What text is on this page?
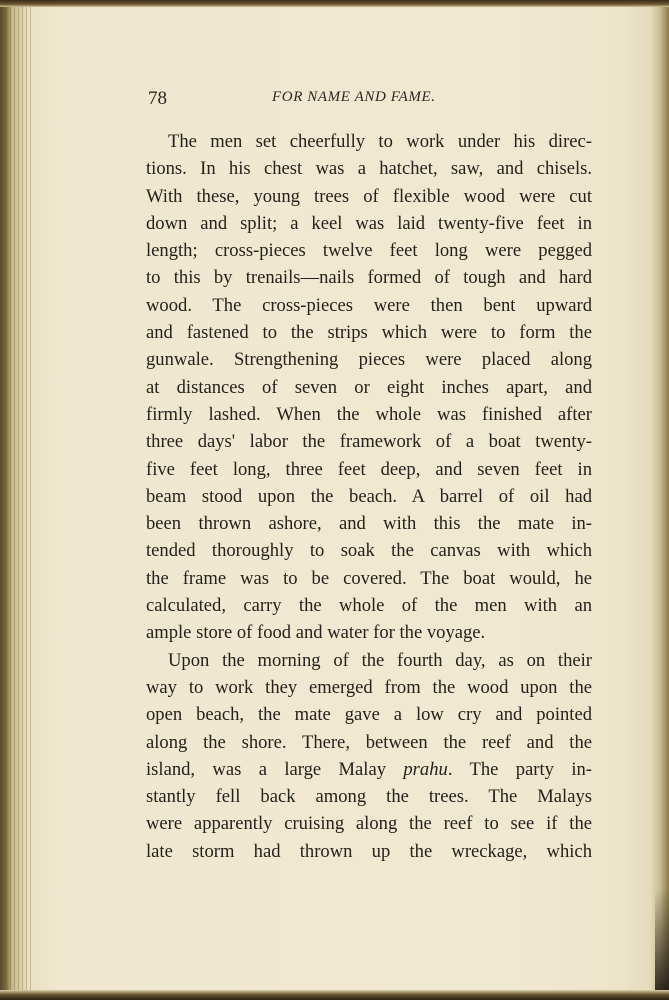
78	FOR NAME AND FAME.
The men set cheerfully to work under his direc-
tions. In his chest was a hatchet, saw, and chisels.
With these, young trees of flexible wood were cut
down and split; a keel was laid twenty-five feet in
length; cross-pieces twelve feet long were pegged
to this by trenails—nails formed of tough and hard
wood. The cross-pieces were then bent upward
and fastened to the strips which were to form the
gunwale. Strengthening pieces were placed along
at distances of seven or eight inches apart, and
firmly lashed. When the whole was finished after
three days' labor the framework of a boat twenty-
five feet long, three feet deep, and seven feet in
beam stood upon the beach. A barrel of oil had
been thrown ashore, and with this the mate in-
tended thoroughly to soak the canvas with which
the frame was to be covered. The boat would, he
calculated, carry the whole of the men with an
ample store of food and water for the voyage.
Upon the morning of the fourth day, as on their
way to work they emerged from the wood upon the
open beach, the mate gave a low cry and pointed
along the shore. There, between the reef and the
island, was a large Malay prahu. The party in-
stantly fell back among the trees. The Malays
were apparently cruising along the reef to see if the
late storm had thrown up the wreckage, which
